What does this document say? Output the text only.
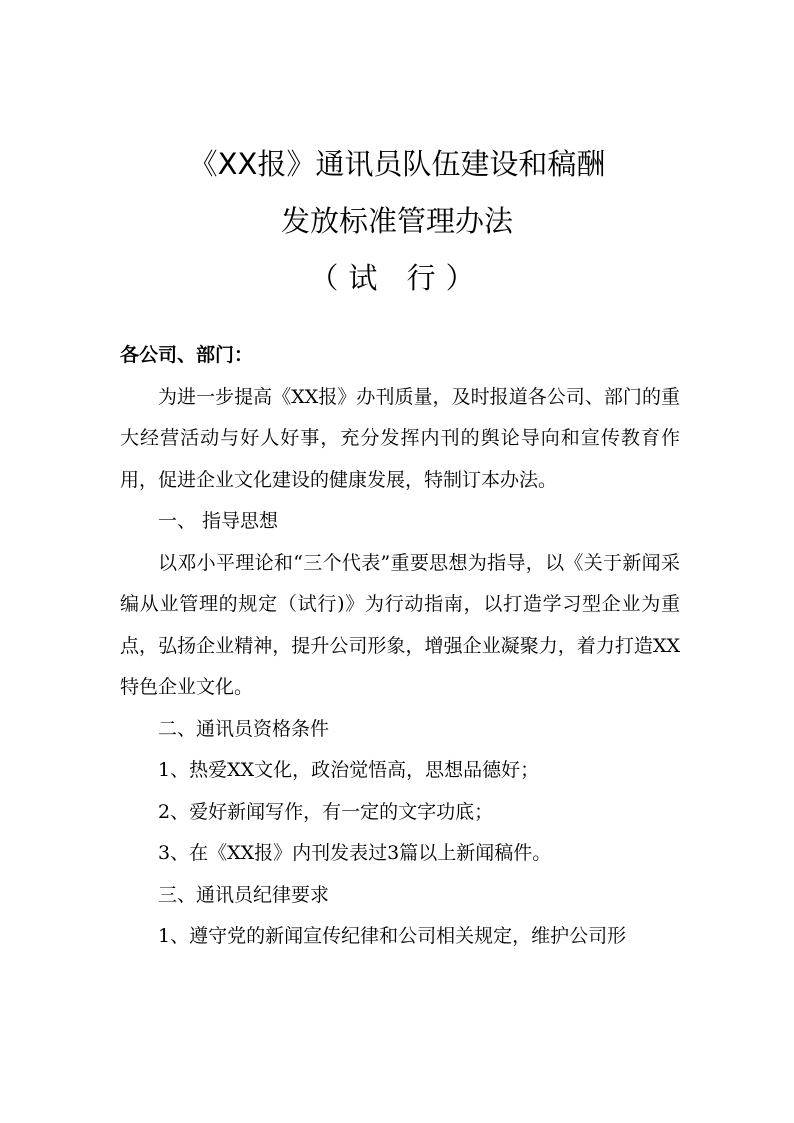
《XX报》通讯员队伍建设和稿酬
发放标准管理办法
（试 行）

各公司、部门：

为进一步提高《XX报》办刊质量，及时报道各公司、部门的重大经营活动与好人好事，充分发挥内刊的舆论导向和宣传教育作用，促进企业文化建设的健康发展，特制订本办法。

一、 指导思想

以邓小平理论和“三个代表”重要思想为指导，以《关于新闻采编从业管理的规定（试行)》为行动指南，以打造学习型企业为重点，弘扬企业精神，提升公司形象，增强企业凝聚力，着力打造XX特色企业文化。

二、通讯员资格条件

1、热爱XX文化，政治觉悟高，思想品德好；

2、爱好新闻写作，有一定的文字功底；

3、在《XX报》内刊发表过3篇以上新闻稿件。

三、通讯员纪律要求

1、遵守党的新闻宣传纪律和公司相关规定，维护公司形
